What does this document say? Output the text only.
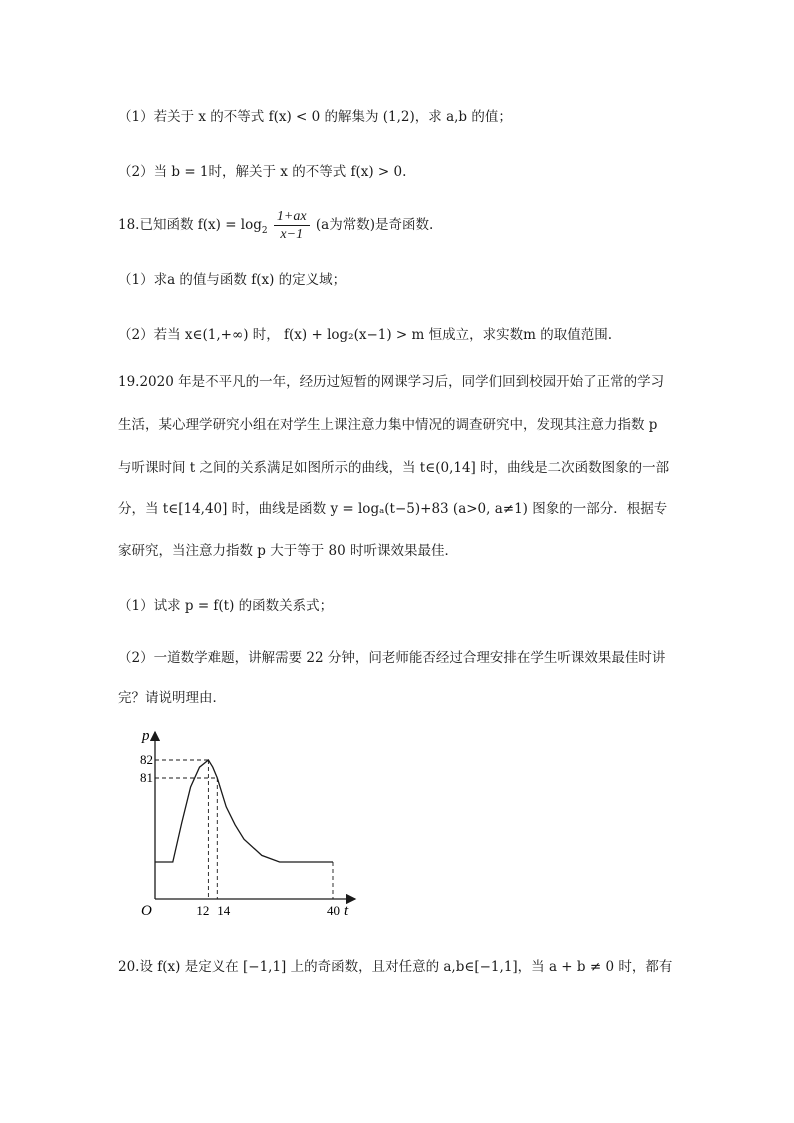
（1）若关于 x 的不等式 f(x) < 0 的解集为 (1,2)，求 a,b 的值；
（2）当 b = 1时，解关于 x 的不等式 f(x) > 0.
18.已知函数 $f(x) = \log_2 \frac{1+ax}{x-1} (a$为常数)是奇函数.
（1）求a 的值与函数 f(x) 的定义域；
（2）若当 x∈(1,+∞) 时， f(x) + log₂(x−1) > m 恒成立，求实数m 的取值范围.
19.2020 年是不平凡的一年，经历过短暂的网课学习后，同学们回到校园开始了正常的学习
生活，某心理学研究小组在对学生上课注意力集中情况的调查研究中，发现其注意力指数 p
与听课时间 t 之间的关系满足如图所示的曲线，当 t∈(0,14] 时，曲线是二次函数图象的一部
分，当 t∈[14,40] 时，曲线是函数 y = logₐ(t−5)+83 (a>0, a≠1) 图象的一部分．根据专
家研究，当注意力指数 p 大于等于 80 时听课效果最佳．
（1）试求 p = f(t) 的函数关系式；
（2）一道数学难题，讲解需要 22 分钟，问老师能否经过合理安排在学生听课效果最佳时讲
完？请说明理由．
p
t
O	12 14	40
82
81
20.设 f(x) 是定义在 [−1,1] 上的奇函数，且对任意的 a,b∈[−1,1]，当 a + b ≠ 0 时，都有
